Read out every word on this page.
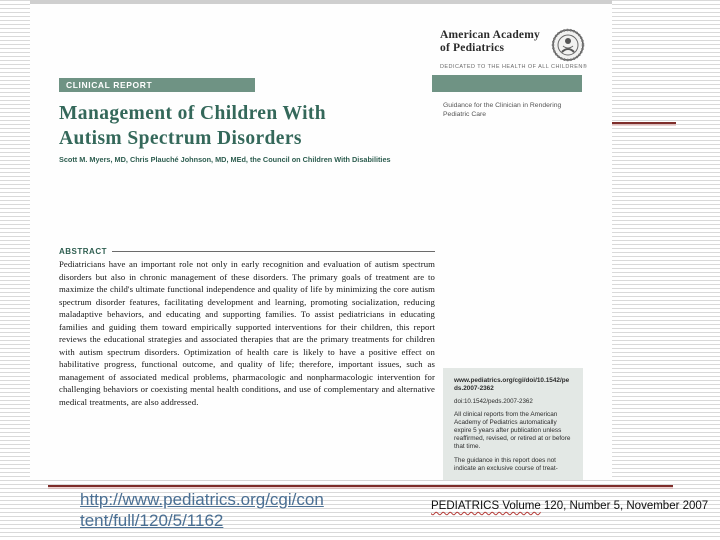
American Academy
of Pediatrics
DEDICATED TO THE HEALTH OF ALL CHILDREN®
CLINICAL REPORT
Management of Children With
Autism Spectrum Disorders
Scott M. Myers, MD, Chris Plauché Johnson, MD, MEd, the Council on Children With Disabilities
Guidance for the Clinician in Rendering
Pediatric Care
ABSTRACT
Pediatricians have an important role not only in early recognition and evaluation of autism spectrum disorders but also in chronic management of these disorders. The primary goals of treatment are to maximize the child's ultimate functional independence and quality of life by minimizing the core autism spectrum disorder features, facilitating development and learning, promoting socialization, reducing maladaptive behaviors, and educating and supporting families. To assist pediatricians in educating families and guiding them toward empirically supported interventions for their children, this report reviews the educational strategies and associated therapies that are the primary treatments for children with autism spectrum disorders. Optimization of health care is likely to have a positive effect on habilitative progress, functional outcome, and quality of life; therefore, important issues, such as management of associated medical problems, pharmacologic and nonpharmacologic intervention for challenging behaviors or coexisting mental health conditions, and use of complementary and alternative medical treatments, are also addressed.
www.pediatrics.org/cgi/doi/10.1542/peds.2007-2362
doi:10.1542/peds.2007-2362
All clinical reports from the American Academy of Pediatrics automatically expire 5 years after publication unless reaffirmed, revised, or retired at or before that time.
The guidance in this report does not indicate an exclusive course of treat-
http://www.pediatrics.org/cgi/con
tent/full/120/5/1162
PEDIATRICS Volume 120, Number 5, November 2007
